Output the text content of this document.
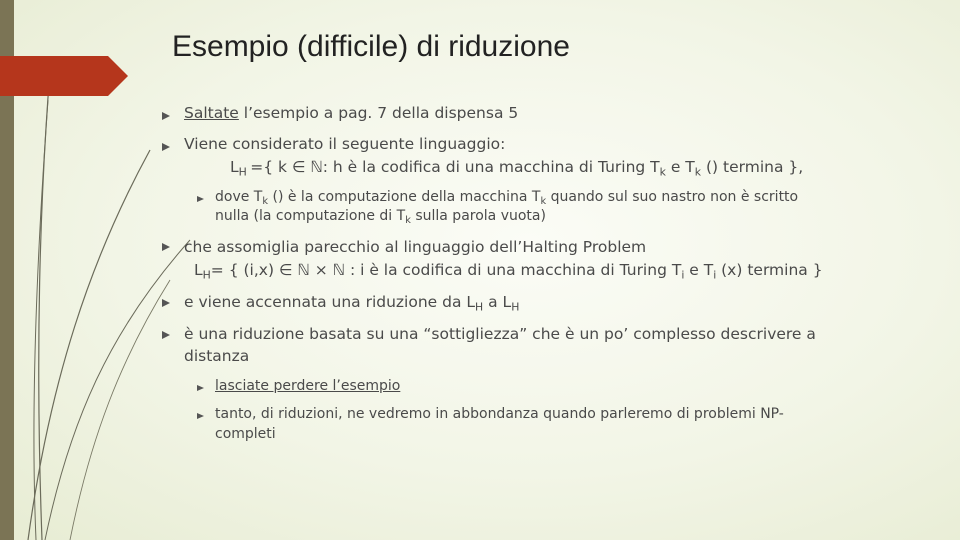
Esempio (difficile) di riduzione
Saltate l’esempio a pag. 7 della dispensa 5
Viene considerato il seguente linguaggio:
$L_H$ ={ k ∈ ℕ: h è la codifica di una macchina di Turing $T_k$ e $T_k$ () termina },
dove $T_k$ () è la computazione della macchina $T_k$ quando sul suo nastro non è scritto
nulla (la computazione di $T_k$ sulla parola vuota)
che assomiglia parecchio al linguaggio dell’Halting Problem
$L_H=$ { (i,x) ∈ ℕ × ℕ : i è la codifica di una macchina di Turing $T_i$ e $T_i$ (x) termina }
e viene accennata una riduzione da $L_H$ a $L_H$
è una riduzione basata su una “sottigliezza” che è un po’ complesso descrivere a
distanza
lasciate perdere l’esempio
tanto, di riduzioni, ne vedremo in abbondanza quando parleremo di problemi NP-
completi
